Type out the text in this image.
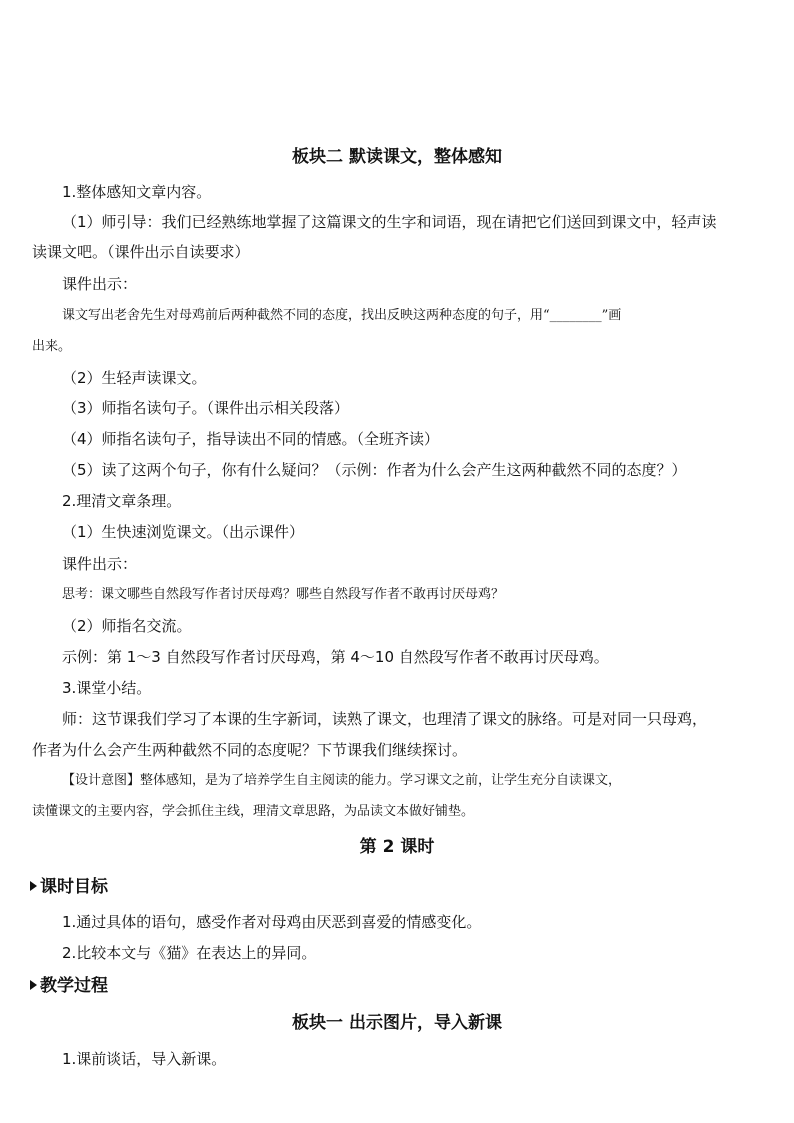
板块二 默读课文，整体感知
1.整体感知文章内容。
（1）师引导：我们已经熟练地掌握了这篇课文的生字和词语，现在请把它们送回到课文中，轻声读
读课文吧。（课件出示自读要求）
课件出示：
课文写出老舍先生对母鸡前后两种截然不同的态度，找出反映这两种态度的句子，用“________”画
出来。
（2）生轻声读课文。
（3）师指名读句子。（课件出示相关段落）
（4）师指名读句子，指导读出不同的情感。（全班齐读）
（5）读了这两个句子，你有什么疑问？（示例：作者为什么会产生这两种截然不同的态度？）
2.理清文章条理。
（1）生快速浏览课文。（出示课件）
课件出示：
思考：课文哪些自然段写作者讨厌母鸡？哪些自然段写作者不敢再讨厌母鸡？
（2）师指名交流。
示例：第 1～3 自然段写作者讨厌母鸡，第 4～10 自然段写作者不敢再讨厌母鸡。
3.课堂小结。
师：这节课我们学习了本课的生字新词，读熟了课文，也理清了课文的脉络。可是对同一只母鸡，
作者为什么会产生两种截然不同的态度呢？下节课我们继续探讨。
【设计意图】整体感知，是为了培养学生自主阅读的能力。学习课文之前，让学生充分自读课文，
读懂课文的主要内容，学会抓住主线，理清文章思路，为品读文本做好铺垫。
第 2 课时
课时目标
1.通过具体的语句，感受作者对母鸡由厌恶到喜爱的情感变化。
2.比较本文与《猫》在表达上的异同。
教学过程
板块一 出示图片，导入新课
1.课前谈话，导入新课。
